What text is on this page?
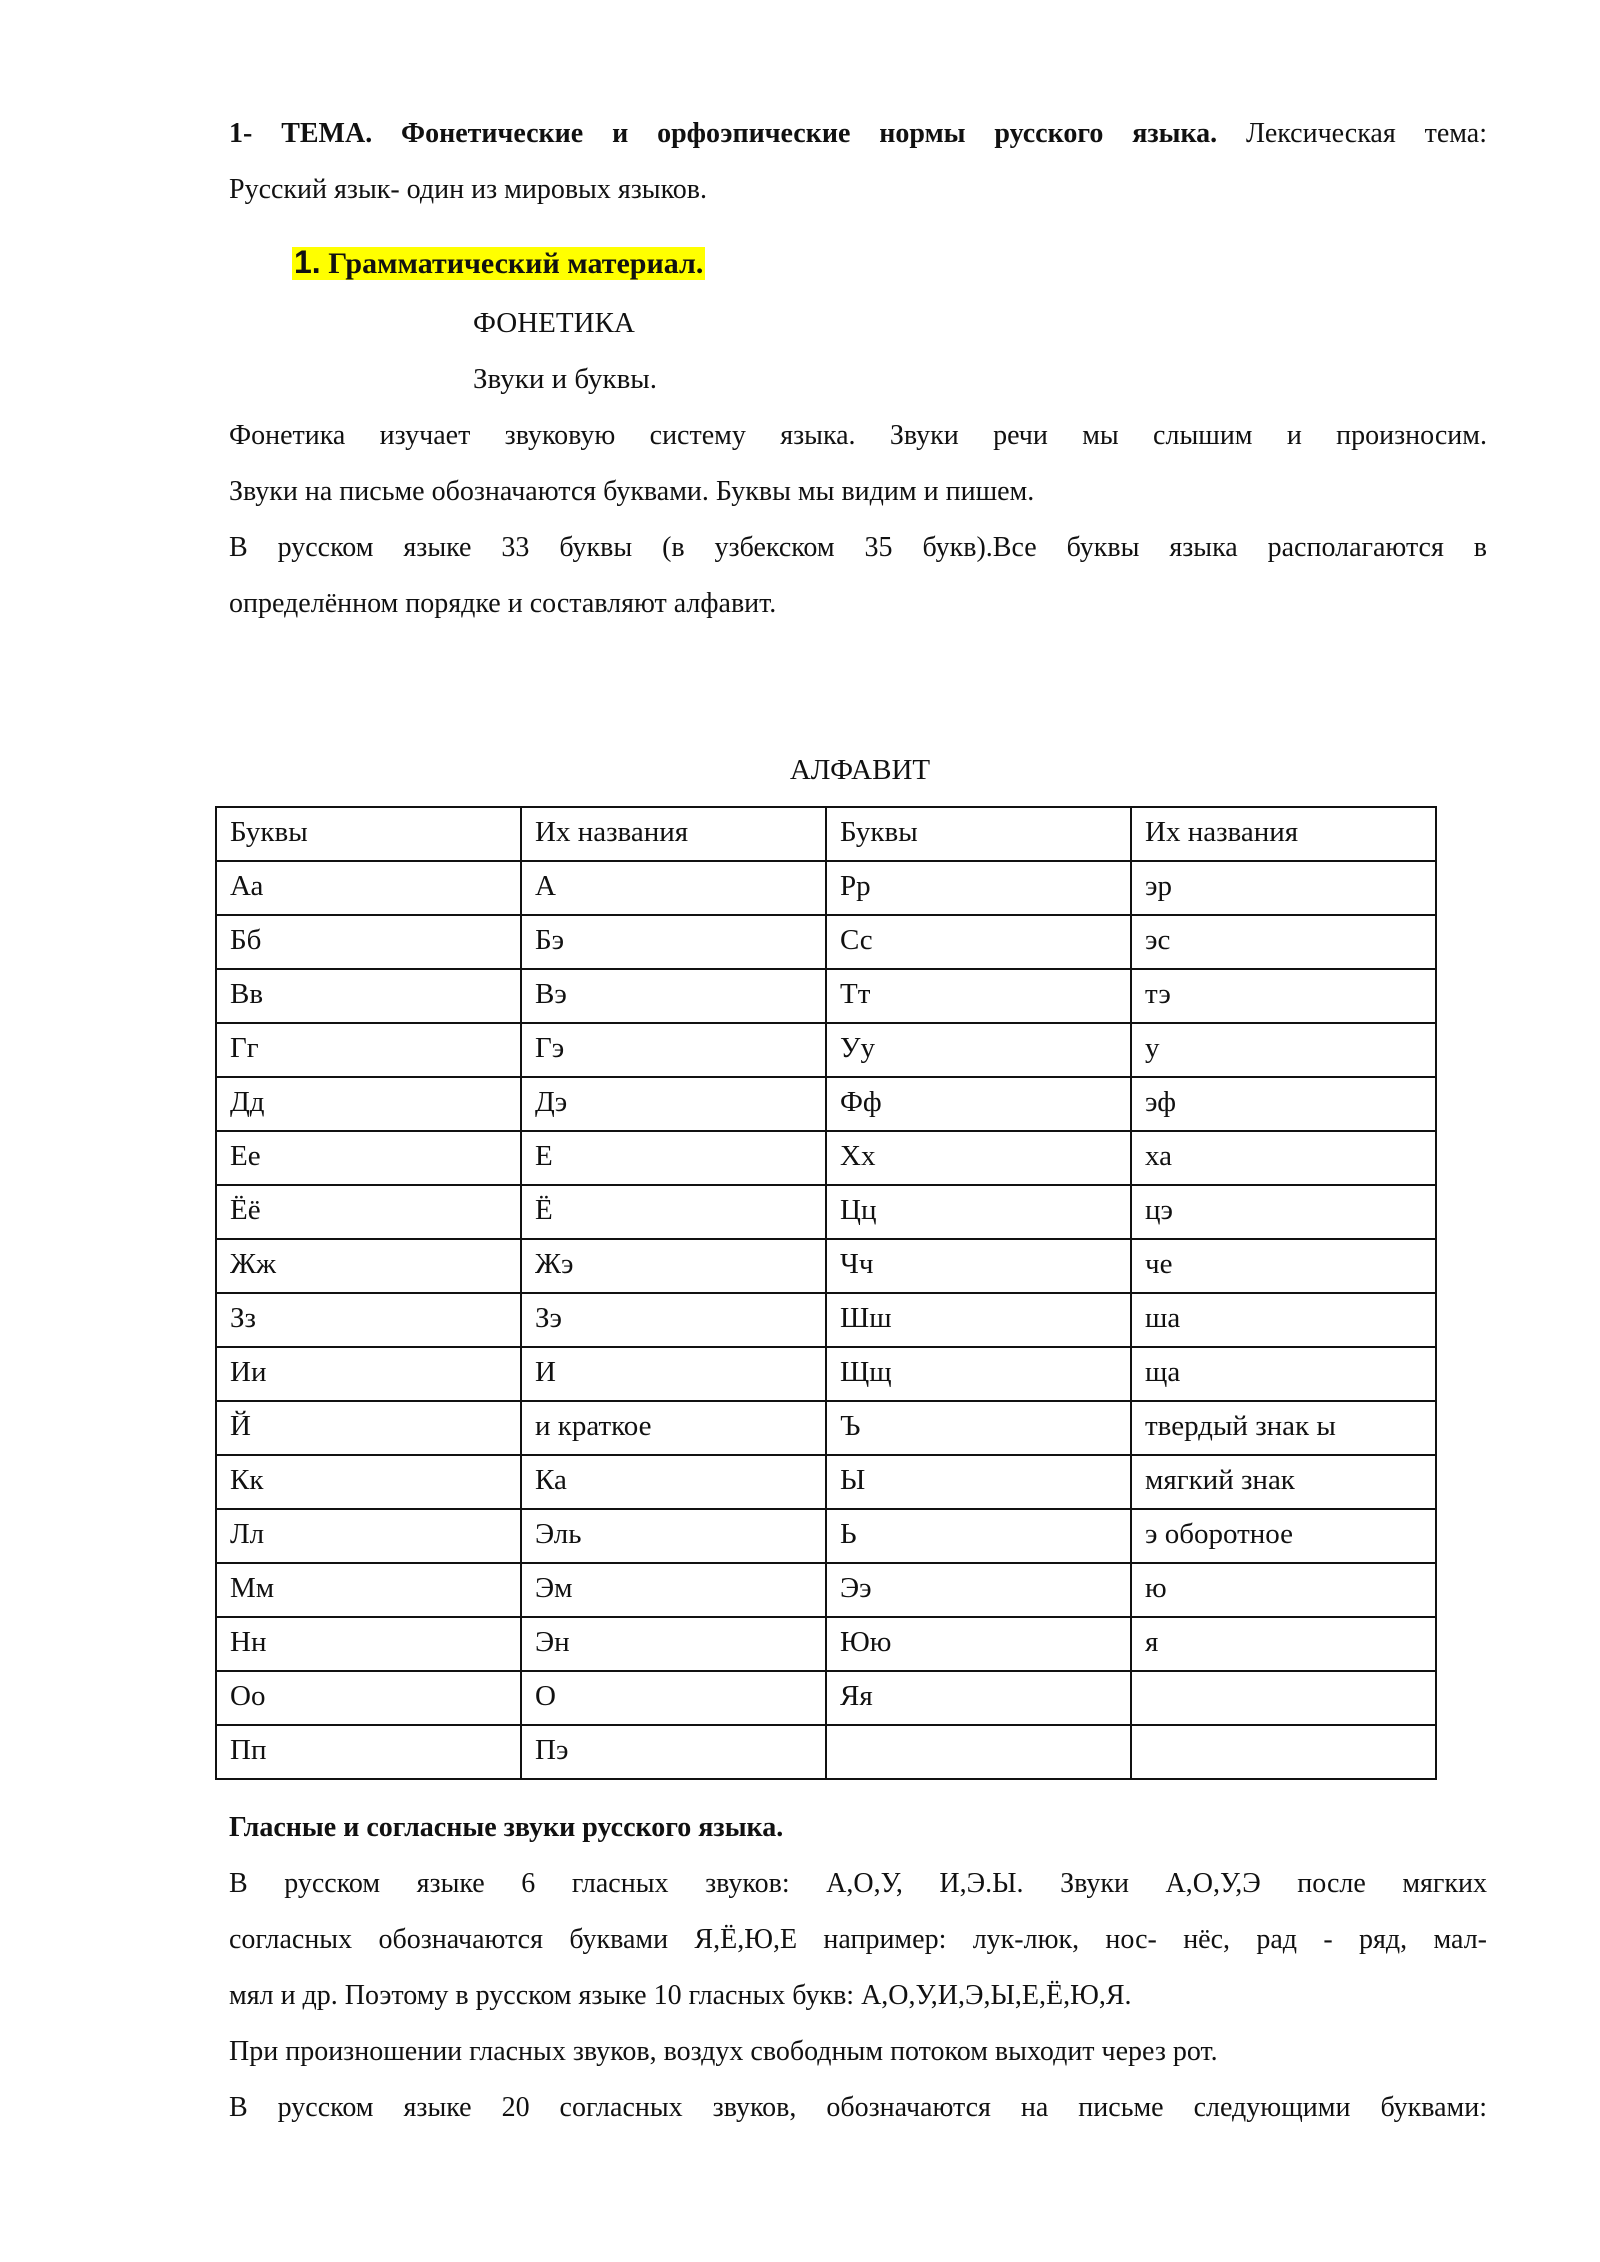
1- ТЕМА. Фонетические и орфоэпические нормы русского языка. Лексическая тема:

Русский язык- один из мировых языков.

1. Грамматический материал.
ФОНЕТИКА
Звуки и буквы.

Фонетика изучает звуковую систему языка. Звуки речи мы слышим и произносим.

Звуки на письме обозначаются буквами. Буквы мы видим и пишем.

В русском языке 33 буквы (в узбекском 35 букв).Все буквы языка располагаются в

определённом порядке и составляют алфавит.

АЛФАВИТ
Буквы	Их названия	Буквы	Их названия
Аа	А	Рр	эр
Бб	Бэ	Сс	эс
Вв	Вэ	Тт	тэ
Гг	Гэ	Уу	у
Дд	Дэ	Фф	эф
Ее	Е	Хх	ха
Ёё	Ё	Цц	цэ
Жж	Жэ	Чч	че
Зз	Зэ	Шш	ша
Ии	И	Щщ	ща
Й	и краткое	Ъ	твердый знак ы
Кк	Ка	Ы	мягкий знак
Лл	Эль	Ь	э оборотное
Мм	Эм	Ээ	ю
Нн	Эн	Юю	я
Оо	О	Яя	
Пп	Пэ		

Гласные и согласные звуки русского языка.

В русском языке 6 гласных звуков: А,О,У, И,Э.Ы. Звуки А,О,У,Э после мягких

согласных обозначаются буквами Я,Ё,Ю,Е например: лук-люк, нос- нёс, рад - ряд, мал-

мял и др. Поэтому в русском языке 10 гласных букв: А,О,У,И,Э,Ы,Е,Ё,Ю,Я.

При произношении гласных звуков, воздух свободным потоком выходит через рот.

В русском языке 20 согласных звуков, обозначаются на письме следующими буквами:
